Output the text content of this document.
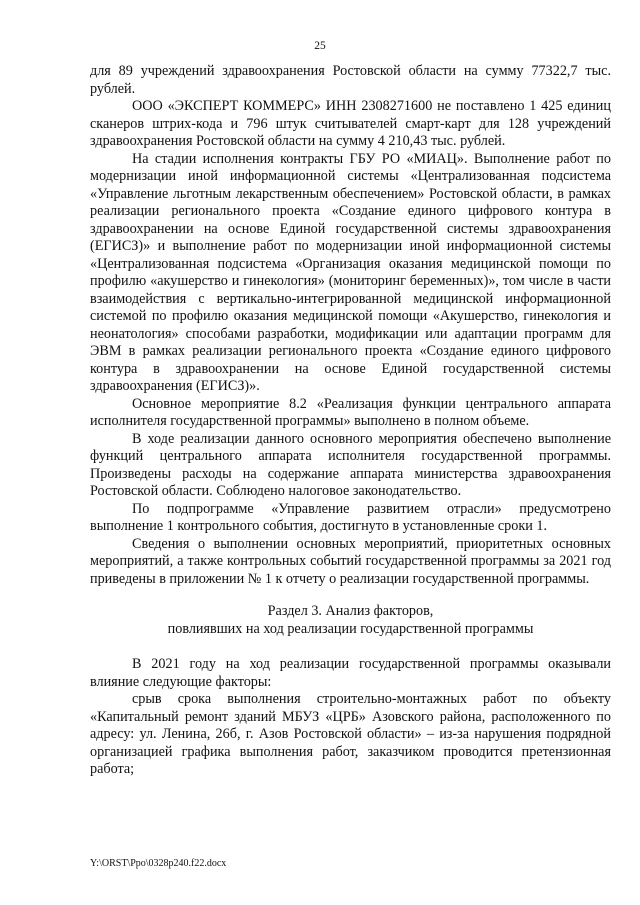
25

для 89 учреждений здравоохранения Ростовской области на сумму 77322,7 тыс. рублей.

ООО «ЭКСПЕРТ КОММЕРС» ИНН 2308271600 не поставлено 1 425 единиц сканеров штрих-кода и 796 штук считывателей смарт-карт для 128 учреждений здравоохранения Ростовской области на сумму 4 210,43 тыс. рублей.

На стадии исполнения контракты ГБУ РО «МИАЦ». Выполнение работ по модернизации иной информационной системы «Централизованная подсистема «Управление льготным лекарственным обеспечением» Ростовской области, в рамках реализации регионального проекта «Создание единого цифрового контура в здравоохранении на основе Единой государственной системы здравоохранения (ЕГИСЗ)» и выполнение работ по модернизации иной информационной системы «Централизованная подсистема «Организация оказания медицинской помощи по профилю «акушерство и гинекология» (мониторинг беременных)», том числе в части взаимодействия с вертикально-интегрированной медицинской информационной системой по профилю оказания медицинской помощи «Акушерство, гинекология и неонатология» способами разработки, модификации или адаптации программ для ЭВМ в рамках реализации регионального проекта «Создание единого цифрового контура в здравоохранении на основе Единой государственной системы здравоохранения (ЕГИСЗ)».

Основное мероприятие 8.2 «Реализация функции центрального аппарата исполнителя государственной программы» выполнено в полном объеме.

В ходе реализации данного основного мероприятия обеспечено выполнение функций центрального аппарата исполнителя государственной программы. Произведены расходы на содержание аппарата министерства здравоохранения Ростовской области. Соблюдено налоговое законодательство.

По подпрограмме «Управление развитием отрасли» предусмотрено выполнение 1 контрольного события, достигнуто в установленные сроки 1.

Сведения о выполнении основных мероприятий, приоритетных основных мероприятий, а также контрольных событий государственной программы за 2021 год приведены в приложении № 1 к отчету о реализации государственной программы.

Раздел 3. Анализ факторов,
повлиявших на ход реализации государственной программы

В 2021 году на ход реализации государственной программы оказывали влияние следующие факторы:

срыв срока выполнения строительно-монтажных работ по объекту «Капитальный ремонт зданий МБУЗ «ЦРБ» Азовского района, расположенного по адресу: ул. Ленина, 26б, г. Азов Ростовской области» – из-за нарушения подрядной организацией графика выполнения работ, заказчиком проводится претензионная работа;

Y:\ORST\Ppo\0328p240.f22.docx
